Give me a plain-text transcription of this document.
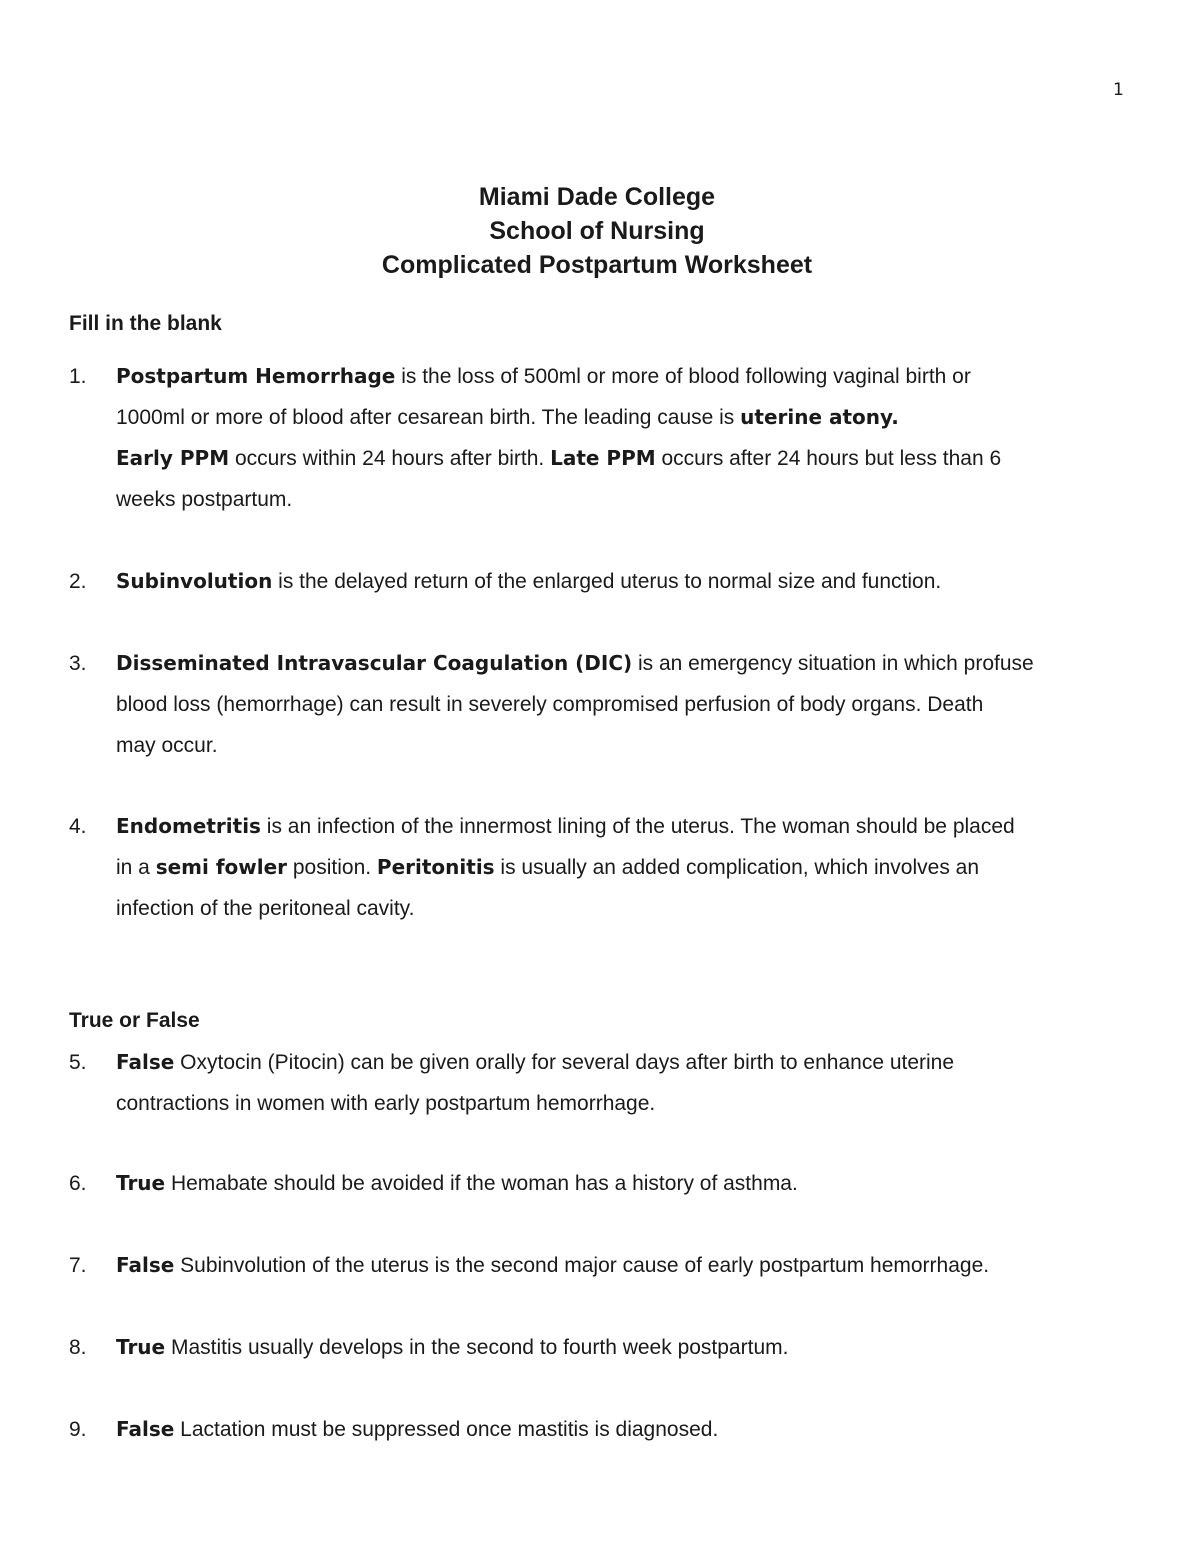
1
Miami Dade College
School of Nursing
Complicated Postpartum Worksheet
Fill in the blank
1.	Postpartum Hemorrhage is the loss of 500ml or more of blood following vaginal birth or
1000ml or more of blood after cesarean birth. The leading cause is uterine atony.
Early PPM occurs within 24 hours after birth. Late PPM occurs after 24 hours but less than 6
weeks postpartum.
2.	Subinvolution is the delayed return of the enlarged uterus to normal size and function.
3.	Disseminated Intravascular Coagulation (DIC) is an emergency situation in which profuse
blood loss (hemorrhage) can result in severely compromised perfusion of body organs. Death
may occur.
4.	Endometritis is an infection of the innermost lining of the uterus. The woman should be placed
in a semi fowler position. Peritonitis is usually an added complication, which involves an
infection of the peritoneal cavity.
True or False
5.	False Oxytocin (Pitocin) can be given orally for several days after birth to enhance uterine
contractions in women with early postpartum hemorrhage.
6.	True Hemabate should be avoided if the woman has a history of asthma.
7.	False Subinvolution of the uterus is the second major cause of early postpartum hemorrhage.
8.	True Mastitis usually develops in the second to fourth week postpartum.
9.	False Lactation must be suppressed once mastitis is diagnosed.
